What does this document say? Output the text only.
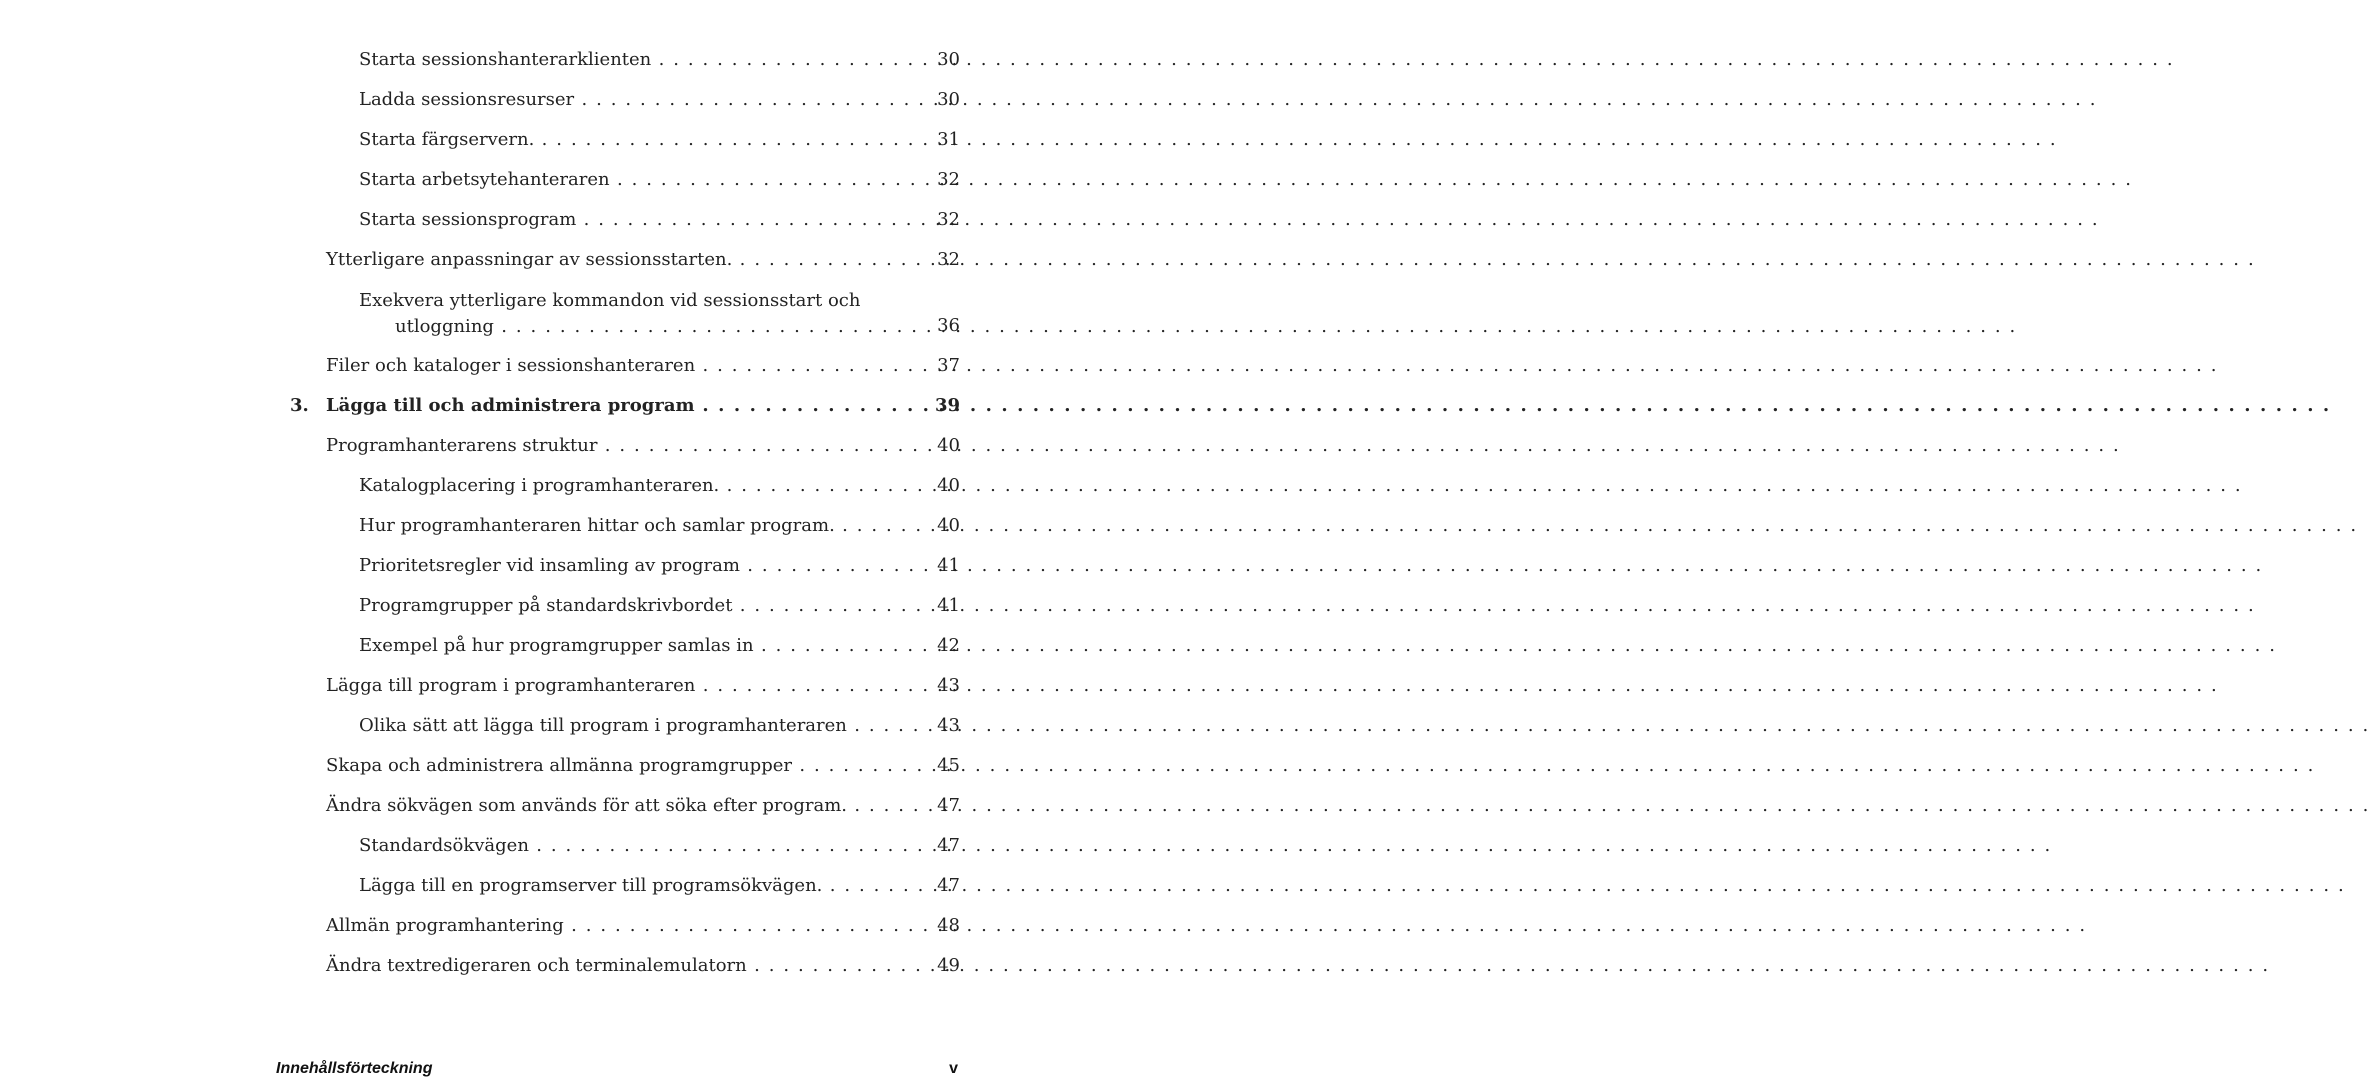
Starta sessionshanterarklienten . . .	30
Ladda sessionsresurser . . .	30
Starta färgservern. . . .	31
Starta arbetsytehanteraren . . .	32
Starta sessionsprogram . . .	32
Ytterligare anpassningar av sessionsstarten. . . .	32
Exekvera ytterligare kommandon vid sessionsstart och
utloggning . . .	36
Filer och kataloger i sessionshanteraren . . .	37
3. Lägga till och administrera program . . .	39
Programhanterarens struktur . . .	40
Katalogplacering i programhanteraren. . . .	40
Hur programhanteraren hittar och samlar program. . . .	40
Prioritetsregler vid insamling av program . . .	41
Programgrupper på standardskrivbordet . . .	41
Exempel på hur programgrupper samlas in . . .	42
Lägga till program i programhanteraren . . .	43
Olika sätt att lägga till program i programhanteraren . . .	43
Skapa och administrera allmänna programgrupper . . .	45
Ändra sökvägen som används för att söka efter program. . . .	47
Standardsökvägen . . .	47
Lägga till en programserver till programsökvägen. . . .	47
Allmän programhantering . . .	48
Ändra textredigeraren och terminalemulatorn . . .	49
Innehållsförteckning	v
